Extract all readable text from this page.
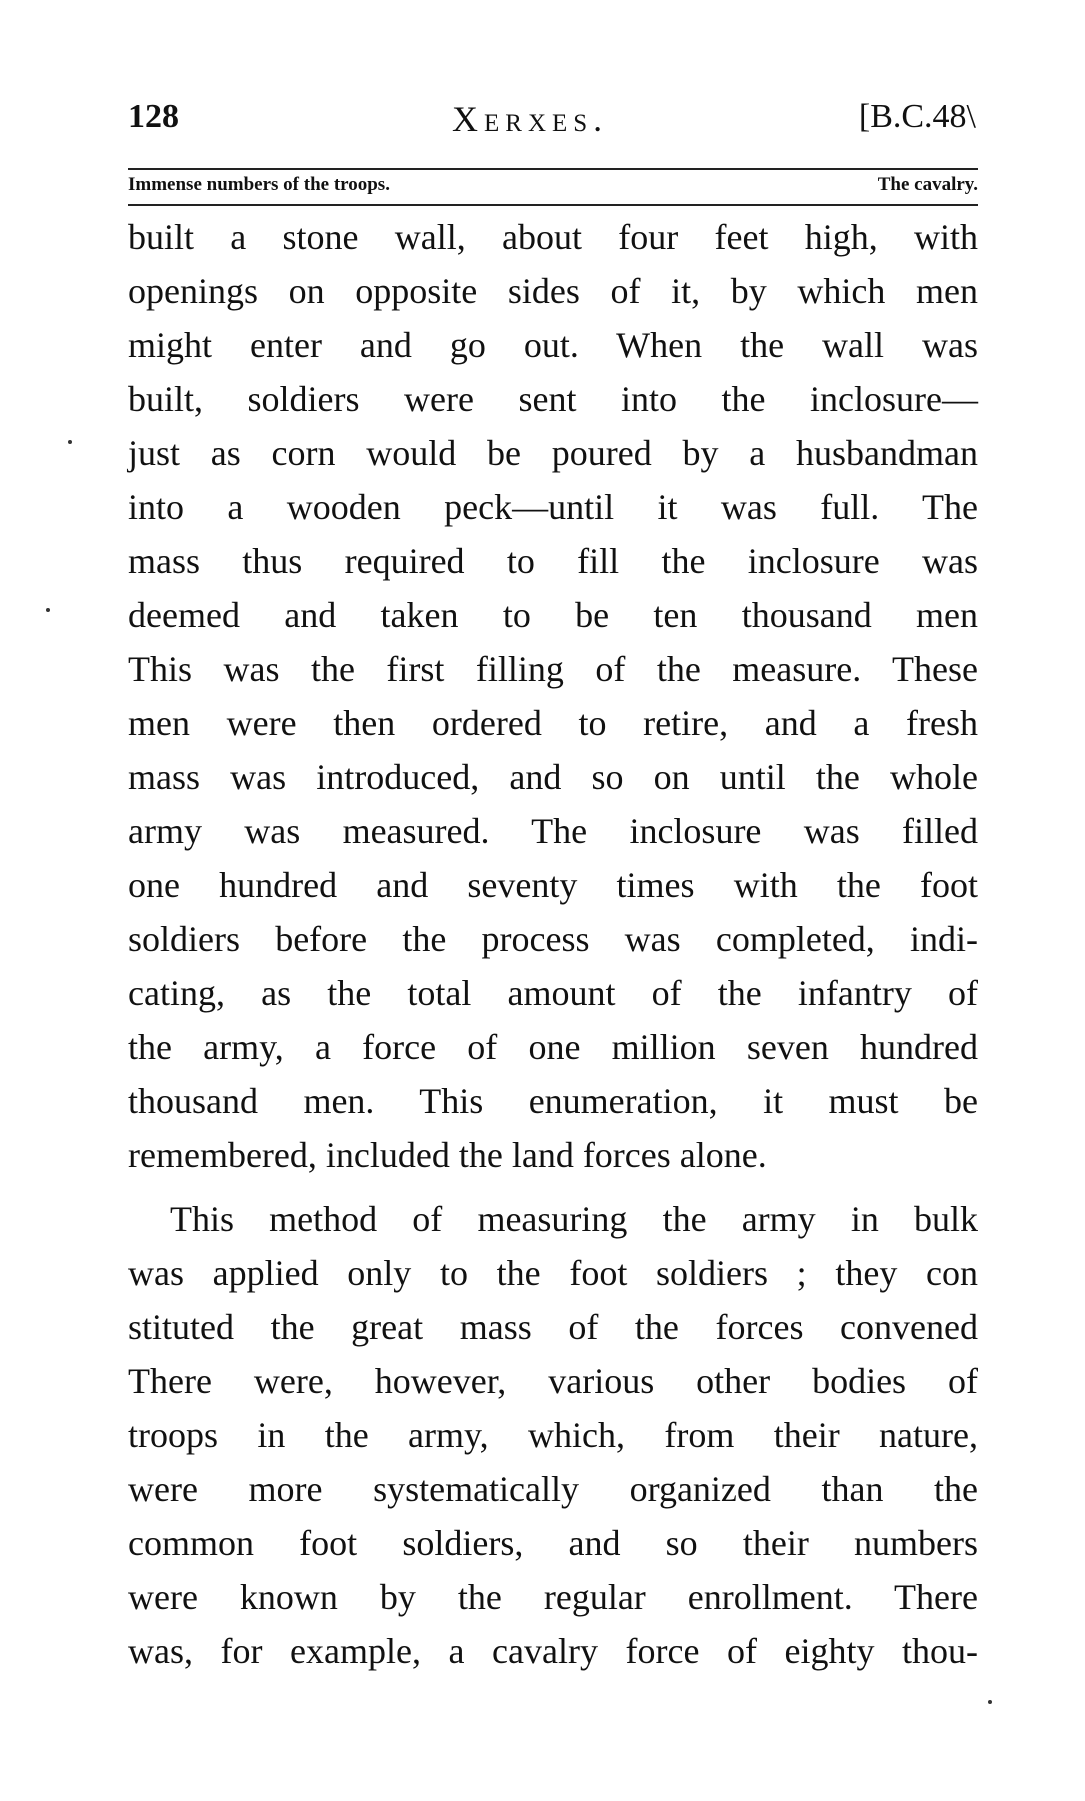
128	Xerxes.	[B.C.48\
Immense numbers of the troops.	The cavalry.
built a stone wall, about four feet high, with
openings on opposite sides of it, by which men
might enter and go out. When the wall was
built, soldiers were sent into the inclosure—
just as corn would be poured by a husbandman
into a wooden peck—until it was full. The
mass thus required to fill the inclosure was
deemed and taken to be ten thousand men
This was the first filling of the measure. These
men were then ordered to retire, and a fresh
mass was introduced, and so on until the whole
army was measured. The inclosure was filled
one hundred and seventy times with the foot
soldiers before the process was completed, indi-
cating, as the total amount of the infantry of
the army, a force of one million seven hundred
thousand men. This enumeration, it must be
remembered, included the land forces alone.
This method of measuring the army in bulk
was applied only to the foot soldiers ; they con
stituted the great mass of the forces convened
There were, however, various other bodies of
troops in the army, which, from their nature,
were more systematically organized than the
common foot soldiers, and so their numbers
were known by the regular enrollment. There
was, for example, a cavalry force of eighty thou-
